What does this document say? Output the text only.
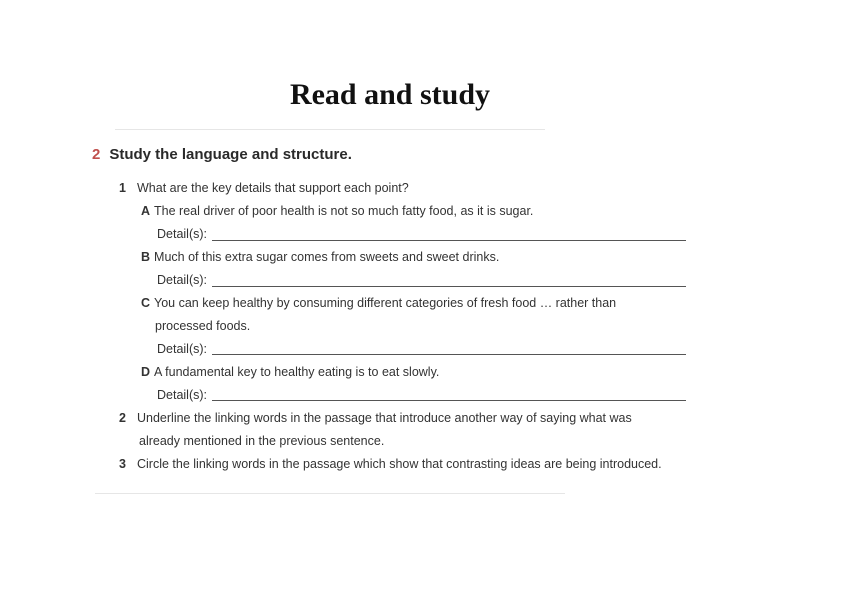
Read and study
2 Study the language and structure.
1 What are the key details that support each point?
A The real driver of poor health is not so much fatty food, as it is sugar.
Detail(s):
B Much of this extra sugar comes from sweets and sweet drinks.
Detail(s):
C You can keep healthy by consuming different categories of fresh food … rather than
processed foods.
Detail(s):
D A fundamental key to healthy eating is to eat slowly.
Detail(s):
2 Underline the linking words in the passage that introduce another way of saying what was
already mentioned in the previous sentence.
3 Circle the linking words in the passage which show that contrasting ideas are being introduced.
